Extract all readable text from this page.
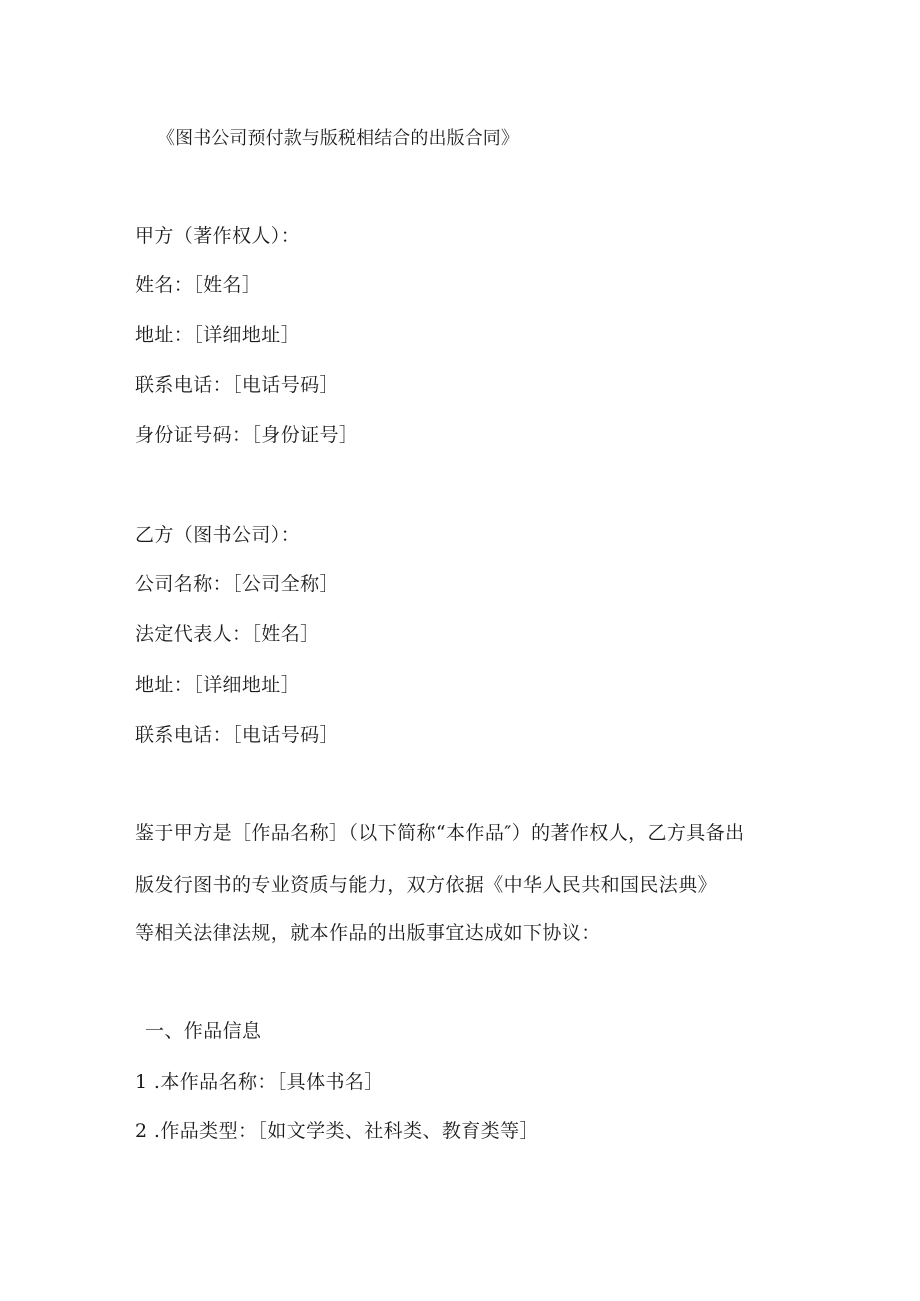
《图书公司预付款与版税相结合的出版合同》
甲方（著作权人）：
姓名：［姓名］
地址：［详细地址］
联系电话：［电话号码］
身份证号码：［身份证号］
乙方（图书公司）：
公司名称：［公司全称］
法定代表人：［姓名］
地址：［详细地址］
联系电话：［电话号码］
鉴于甲方是［作品名称］（以下简称“本作品″）的著作权人，乙方具备出
版发行图书的专业资质与能力，双方依据《中华人民共和国民法典》
等相关法律法规，就本作品的出版事宜达成如下协议：
一、作品信息
1 .本作品名称：［具体书名］
2 .作品类型：［如文学类、社科类、教育类等］
